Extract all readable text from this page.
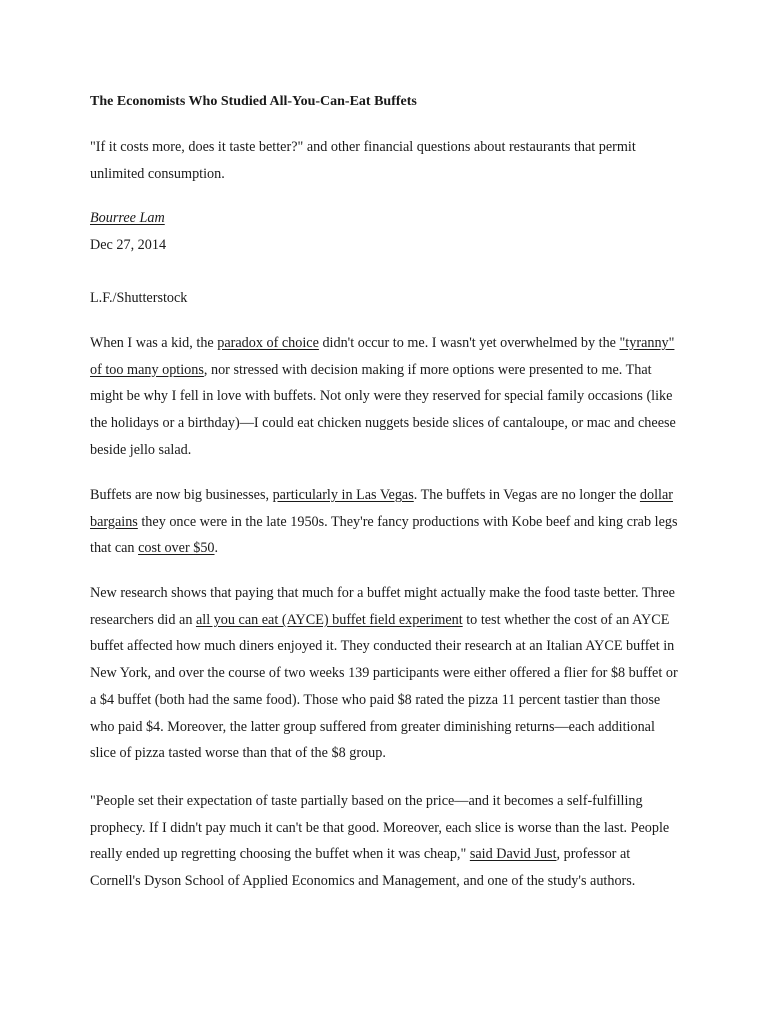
The Economists Who Studied All-You-Can-Eat Buffets

"If it costs more, does it taste better?" and other financial questions about restaurants that permit unlimited consumption.

Bourree Lam

Dec 27, 2014

L.F./Shutterstock

When I was a kid, the paradox of choice didn't occur to me. I wasn't yet overwhelmed by the "tyranny" of too many options, nor stressed with decision making if more options were presented to me. That might be why I fell in love with buffets. Not only were they reserved for special family occasions (like the holidays or a birthday)—I could eat chicken nuggets beside slices of cantaloupe, or mac and cheese beside jello salad.

Buffets are now big businesses, particularly in Las Vegas. The buffets in Vegas are no longer the dollar bargains they once were in the late 1950s. They're fancy productions with Kobe beef and king crab legs that can cost over $50.

New research shows that paying that much for a buffet might actually make the food taste better. Three researchers did an all you can eat (AYCE) buffet field experiment to test whether the cost of an AYCE buffet affected how much diners enjoyed it. They conducted their research at an Italian AYCE buffet in New York, and over the course of two weeks 139 participants were either offered a flier for $8 buffet or a $4 buffet (both had the same food). Those who paid $8 rated the pizza 11 percent tastier than those who paid $4. Moreover, the latter group suffered from greater diminishing returns—each additional slice of pizza tasted worse than that of the $8 group.

"People set their expectation of taste partially based on the price—and it becomes a self-fulfilling prophecy. If I didn't pay much it can't be that good. Moreover, each slice is worse than the last. People really ended up regretting choosing the buffet when it was cheap," said David Just, professor at Cornell's Dyson School of Applied Economics and Management, and one of the study's authors.
